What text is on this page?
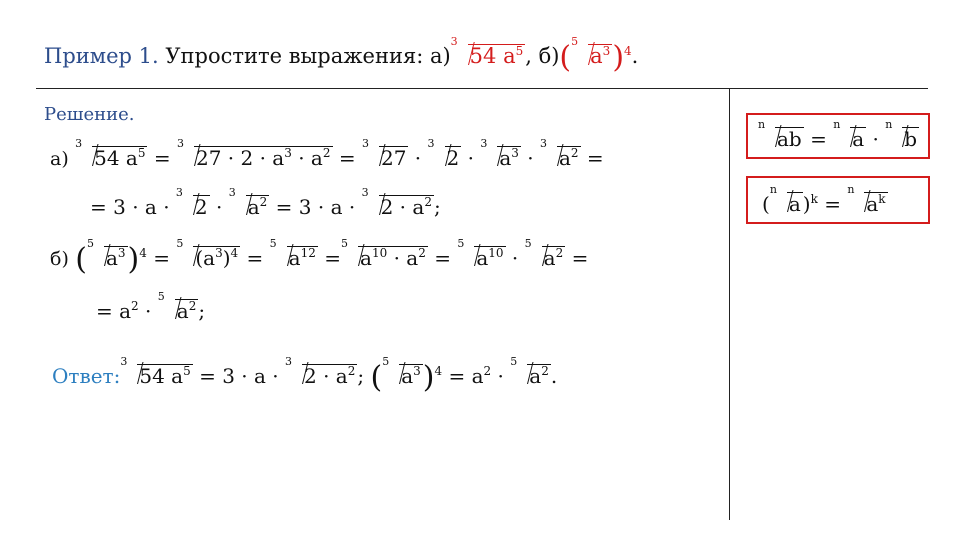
Пример 1. Упростите выражения: а)
3
54 $a^5$, б)( 5
$a^3)^4$.
Решение.
а)
3
54 $a^5$ =
3
$27 \cdot 2 \cdot a^3 \cdot a^2$ =
3
27 ·
3
2 ·
3
$a^3$ ·
3
$a^2$ =
= 3 · a ·
3
2 ·
3
$a^2 = 3 \cdot a$ ·
3
$2 \cdot a^2$ ;
б) ( 5
$a^3)^4$ =
5
$(a^3)^4$ =
5
$a^{12}$ =
5
$a^{10} \cdot a^2$ =
5
$a^{10}$ ·
5
$a^2$ =
= $a^2$ ·
5
$a^2$ ;
Ответ:
3
54 $a^5 = 3 \cdot a$ ·
3
$2 \cdot a^2$ ; ( 5
$a^3)^4 = a^2$ ·
5
$a^2$ .
n
ab =
n
a ·
n
b
(
n
a )$^k$ =
n
$a^k$
